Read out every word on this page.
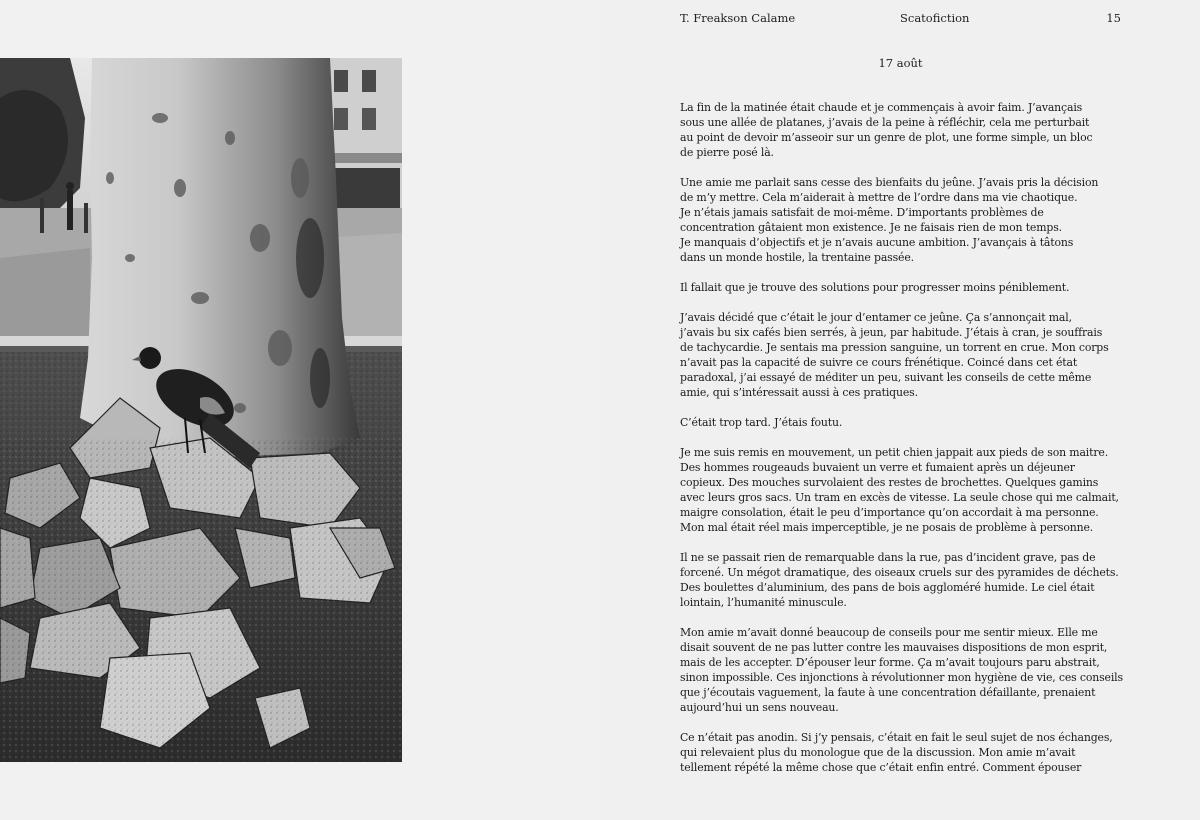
T. Freakson Calame	Scatofiction	15
17 août

La fin de la matinée était chaude et je commençais à avoir faim. J’avançais
sous une allée de platanes, j’avais de la peine à réfléchir, cela me perturbait
au point de devoir m’asseoir sur un genre de plot, une forme simple, un bloc
de pierre posé là.

Une amie me parlait sans cesse des bienfaits du jeûne. J’avais pris la décision
de m’y mettre. Cela m’aiderait à mettre de l’ordre dans ma vie chaotique.
Je n’étais jamais satisfait de moi-même. D’importants problèmes de
concentration gâtaient mon existence. Je ne faisais rien de mon temps.
Je manquais d’objectifs et je n’avais aucune ambition. J’avançais à tâtons
dans un monde hostile, la trentaine passée.

Il fallait que je trouve des solutions pour progresser moins péniblement.

J’avais décidé que c’était le jour d’entamer ce jeûne. Ça s’annonçait mal,
j’avais bu six cafés bien serrés, à jeun, par habitude. J’étais à cran, je souffrais
de tachycardie. Je sentais ma pression sanguine, un torrent en crue. Mon corps
n’avait pas la capacité de suivre ce cours frénétique. Coincé dans cet état
paradoxal, j’ai essayé de méditer un peu, suivant les conseils de cette même
amie, qui s’intéressait aussi à ces pratiques.

C’était trop tard. J’étais foutu.

Je me suis remis en mouvement, un petit chien jappait aux pieds de son maitre.
Des hommes rougeauds buvaient un verre et fumaient après un déjeuner
copieux. Des mouches survolaient des restes de brochettes. Quelques gamins
avec leurs gros sacs. Un tram en excès de vitesse. La seule chose qui me calmait,
maigre consolation, était le peu d’importance qu’on accordait à ma personne.
Mon mal était réel mais imperceptible, je ne posais de problème à personne.

Il ne se passait rien de remarquable dans la rue, pas d’incident grave, pas de
forcené. Un mégot dramatique, des oiseaux cruels sur des pyramides de déchets.
Des boulettes d’aluminium, des pans de bois aggloméré humide. Le ciel était
lointain, l’humanité minuscule.

Mon amie m’avait donné beaucoup de conseils pour me sentir mieux. Elle me
disait souvent de ne pas lutter contre les mauvaises dispositions de mon esprit,
mais de les accepter. D’épouser leur forme. Ça m’avait toujours paru abstrait,
sinon impossible. Ces injonctions à révolutionner mon hygiène de vie, ces conseils
que j’écoutais vaguement, la faute à une concentration défaillante, prenaient
aujourd’hui un sens nouveau.

Ce n’était pas anodin. Si j’y pensais, c’était en fait le seul sujet de nos échanges,
qui relevaient plus du monologue que de la discussion. Mon amie m’avait
tellement répété la même chose que c’était enfin entré. Comment épouser
